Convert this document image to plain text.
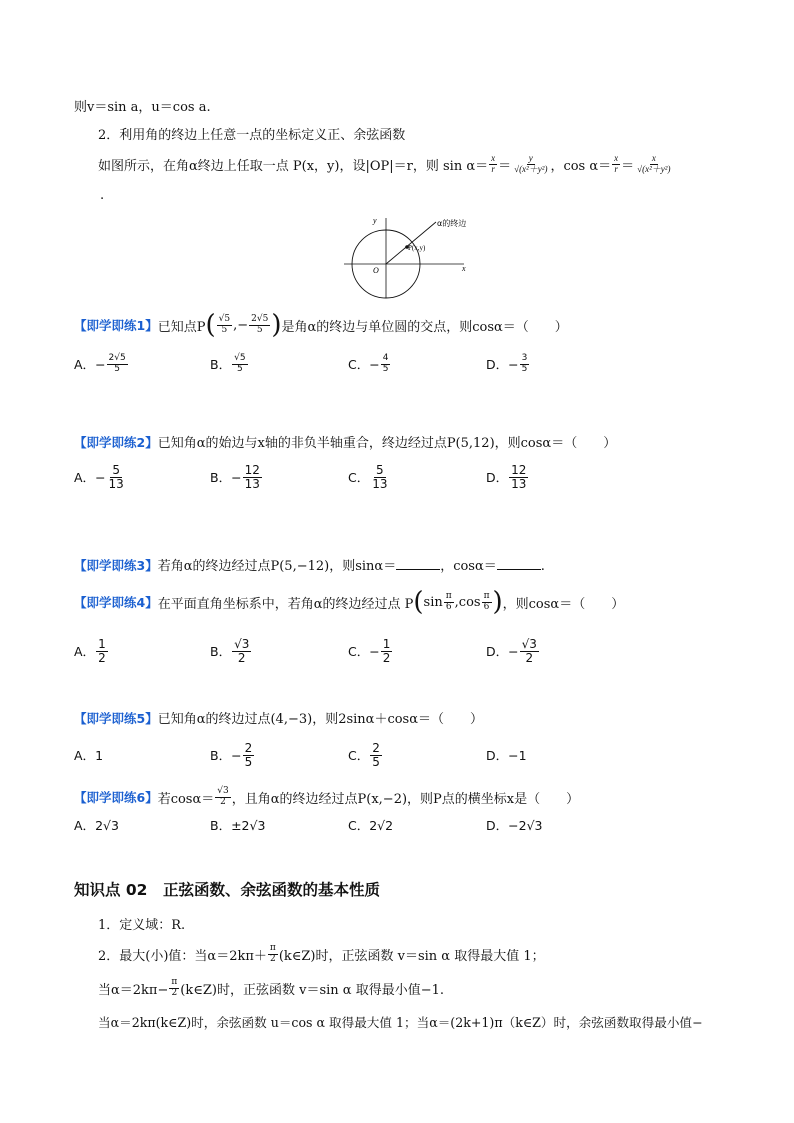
则v＝sin a，u＝cos a.
2．利用角的终边上任意一点的坐标定义正、余弦函数
如图所示，在角α终边上任取一点 P(x，y)，设|OP|＝r，则 $\sin \alpha= \frac{x}{r} = \frac{y}{\text{√(x²＋y²)}}$ ，$\cos \alpha= \frac{x}{r} = \frac{x}{\text{√(x²＋y²)}}$
.
y
x
O
P(x,y)
α的终边
【即学即练1】 已知点P ( $\frac{√5}{5}$ , − $\frac{2√5}{5}$ ) 是角α的终边与单位圆的交点，则cosα＝（　　）
A． − $\frac{2√5}{5}$	B． $\frac{√5}{5}$	C． − $\frac{4}{5}$	D． − $\frac{3}{5}$
【即学即练2】已知角α的始边与x轴的非负半轴重合，终边经过点P(5,12)，则cosα＝（　　）
A． − $\frac{5}{13}$	B． − $\frac{12}{13}$	C． $\frac{5}{13}$	D． $\frac{12}{13}$
【即学即练3】若角α的终边经过点P(5,−12)，则sinα＝	，cosα＝	.
【即学即练4】 在平面直角坐标系中，若角α的终边经过点 P ( $\sin \frac{\pi}{6}$ , $\cos \frac{\pi}{6}$ ) ，则cosα＝（　　）
A． $\frac{1}{2}$	B． $\frac{√3}{2}$	C． − $\frac{1}{2}$	D． − $\frac{√3}{2}$
【即学即练5】已知角α的终边过点(4,−3)，则2sinα＋cosα＝（　　）
A． 1	B． − $\frac{2}{5}$	C． $\frac{2}{5}$	D． −1
【即学即练6】 若$\cos\alpha= \frac{√3}{2}$ ，且角α的终边经过点P(x,−2)，则P点的横坐标x是（　　）
A．2√3	B．±2√3	C．2√2	D．−2√3
知识点 02　正弦函数、余弦函数的基本性质
1．定义域：R.
2．最大(小)值：当$\alpha=2k\pi+ \frac{\pi}{2}$ (k∈Z)时，正弦函数 v＝sin α 取得最大值 1；
当$\alpha=2k\pi- \frac{\pi}{2}$ (k∈Z)时，正弦函数 v＝sin α 取得最小值−1.
当α＝2kπ(k∈Z)时，余弦函数 u＝cos α 取得最大值 1；当α＝(2k+1)π（k∈Z）时，余弦函数取得最小值−
